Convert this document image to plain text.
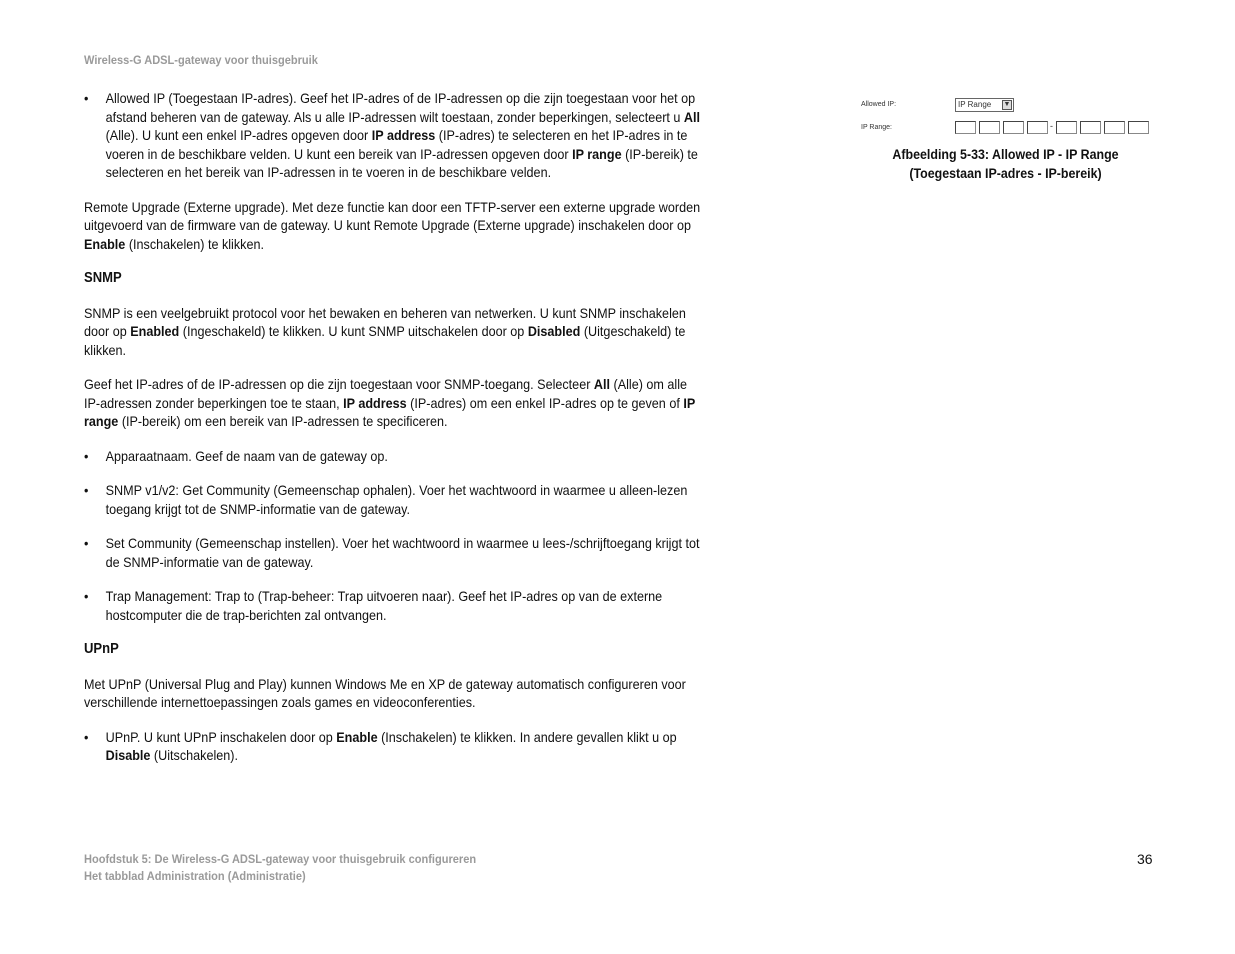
Wireless-G ADSL-gateway voor thuisgebruik
• Allowed IP (Toegestaan IP-adres). Geef het IP-adres of de IP-adressen op die zijn toegestaan voor het op afstand beheren van de gateway. Als u alle IP-adressen wilt toestaan, zonder beperkingen, selecteert u All (Alle). U kunt een enkel IP-adres opgeven door IP address (IP-adres) te selecteren en het IP-adres in te voeren in de beschikbare velden. U kunt een bereik van IP-adressen opgeven door IP range (IP-bereik) te selecteren en het bereik van IP-adressen in te voeren in de beschikbare velden.

Remote Upgrade (Externe upgrade). Met deze functie kan door een TFTP-server een externe upgrade worden uitgevoerd van de firmware van de gateway. U kunt Remote Upgrade (Externe upgrade) inschakelen door op Enable (Inschakelen) te klikken.

SNMP

SNMP is een veelgebruikt protocol voor het bewaken en beheren van netwerken. U kunt SNMP inschakelen door op Enabled (Ingeschakeld) te klikken. U kunt SNMP uitschakelen door op Disabled (Uitgeschakeld) te klikken.

Geef het IP-adres of de IP-adressen op die zijn toegestaan voor SNMP-toegang. Selecteer All (Alle) om alle IP-adressen zonder beperkingen toe te staan, IP address (IP-adres) om een enkel IP-adres op te geven of IP range (IP-bereik) om een bereik van IP-adressen te specificeren.

• Apparaatnaam. Geef de naam van de gateway op.
• SNMP v1/v2: Get Community (Gemeenschap ophalen). Voer het wachtwoord in waarmee u alleen-lezen toegang krijgt tot de SNMP-informatie van de gateway.
• Set Community (Gemeenschap instellen). Voer het wachtwoord in waarmee u lees-/schrijftoegang krijgt tot de SNMP-informatie van de gateway.
• Trap Management: Trap to (Trap-beheer: Trap uitvoeren naar). Geef het IP-adres op van de externe hostcomputer die de trap-berichten zal ontvangen.
UPnP

Met UPnP (Universal Plug and Play) kunnen Windows Me en XP de gateway automatisch configureren voor verschillende internettoepassingen zoals games en videoconferenties.

• UPnP. U kunt UPnP inschakelen door op Enable (Inschakelen) te klikken. In andere gevallen klikt u op Disable (Uitschakelen).
Allowed IP:	IP Range ▼
IP Range:	-
Afbeelding 5-33: Allowed IP - IP Range
(Toegestaan IP-adres - IP-bereik)
Hoofdstuk 5: De Wireless-G ADSL-gateway voor thuisgebruik configureren
Het tabblad Administration (Administratie)
36
